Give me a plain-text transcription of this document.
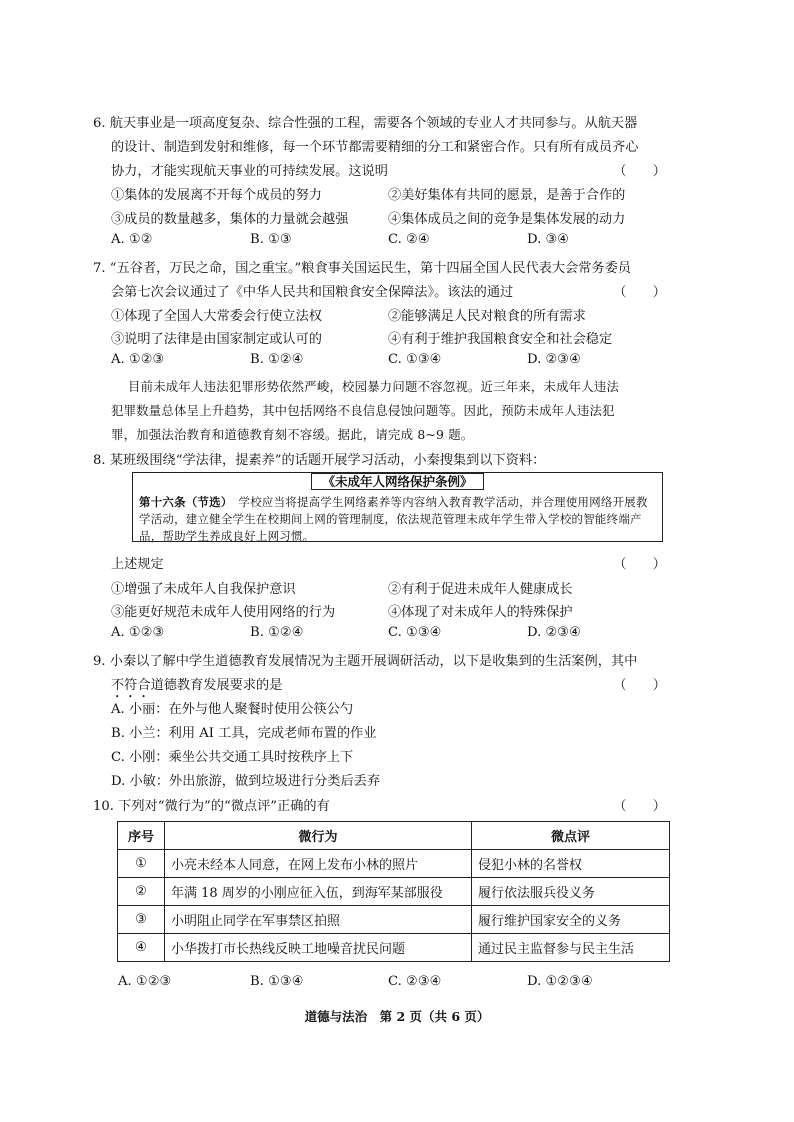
6. 航天事业是一项高度复杂、综合性强的工程，需要各个领域的专业人才共同参与。从航天器
的设计、制造到发射和维修，每一个环节都需要精细的分工和紧密合作。只有所有成员齐心
协力，才能实现航天事业的可持续发展。这说明	（　　）
①集体的发展离不开每个成员的努力	②美好集体有共同的愿景，是善于合作的
③成员的数量越多，集体的力量就会越强	④集体成员之间的竞争是集体发展的动力
A. ①②	B. ①③	C. ②④	D. ③④
7. “五谷者，万民之命，国之重宝。”粮食事关国运民生，第十四届全国人民代表大会常务委员
会第七次会议通过了《中华人民共和国粮食安全保障法》。该法的通过	（　　）
①体现了全国人大常委会行使立法权	②能够满足人民对粮食的所有需求
③说明了法律是由国家制定或认可的	④有利于维护我国粮食安全和社会稳定
A. ①②③	B. ①②④	C. ①③④	D. ②③④
目前未成年人违法犯罪形势依然严峻，校园暴力问题不容忽视。近三年来，未成年人违法
犯罪数量总体呈上升趋势，其中包括网络不良信息侵蚀问题等。因此，预防未成年人违法犯
罪，加强法治教育和道德教育刻不容缓。据此，请完成 8~9 题。
8. 某班级围绕“学法律，提素养”的话题开展学习活动，小秦搜集到以下资料：
《未成年人网络保护条例》
第十六条（节选）　学校应当将提高学生网络素养等内容纳入教育教学活动，并合理使用网络开展教学活动，建立健全学生在校期间上网的管理制度，依法规范管理未成年学生带入学校的智能终端产品，帮助学生养成良好上网习惯。
上述规定	（　　）
①增强了未成年人自我保护意识	②有利于促进未成年人健康成长
③能更好规范未成年人使用网络的行为	④体现了对未成年人的特殊保护
A. ①②③	B. ①②④	C. ①③④	D. ②③④
9. 小秦以了解中学生道德教育发展情况为主题开展调研活动，以下是收集到的生活案例，其中
不符合道德教育发展要求的是	（　　）
A. 小丽：在外与他人聚餐时使用公筷公勺
B. 小兰：利用 AI 工具，完成老师布置的作业
C. 小刚：乘坐公共交通工具时按秩序上下
D. 小敏：外出旅游，做到垃圾进行分类后丢弃
10. 下列对“微行为”的“微点评”正确的有	（　　）
序号	微行为	微点评
①	小亮未经本人同意，在网上发布小林的照片	侵犯小林的名誉权
②	年满 18 周岁的小刚应征入伍，到海军某部服役	履行依法服兵役义务
③	小明阻止同学在军事禁区拍照	履行维护国家安全的义务
④	小华拨打市长热线反映工地噪音扰民问题	通过民主监督参与民主生活
A. ①②③	B. ①③④	C. ②③④	D. ①②③④
道德与法治　第 2 页（共 6 页）
